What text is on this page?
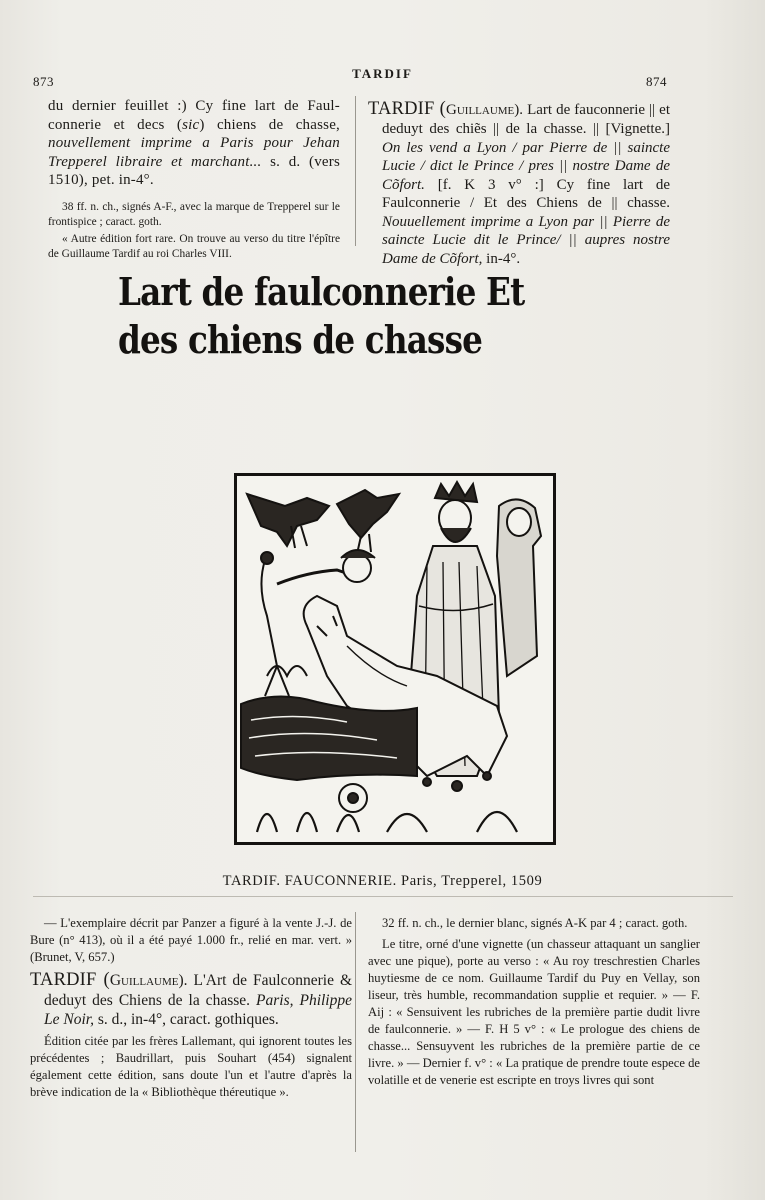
873
TARDIF
874

du dernier feuillet :) Cy fine lart de Faul- connerie et decs (sic) chiens de chasse, nouvellement imprime a Paris pour Jehan Trepperel libraire et marchant... s. d. (vers 1510), pet. in-4°.

38 ff. n. ch., signés A-F., avec la marque de Trepperel sur le frontispice ; caract. goth.

« Autre édition fort rare. On trouve au verso du titre l'épître de Guillaume Tardif au roi Charles VIII.

TARDIF (Guillaume). Lart de fauconnerie || et deduyt des chiẽs || de la chasse. || [Vignette.] On les vend a Lyon / par Pierre de || saincte Lucie / dict le Prince / pres || nostre Dame de Cõfort. [f. K 3 v° :] Cy fine lart de Faulconnerie / Et des Chiens de || chasse. Nouuellement imprime a Lyon par || Pierre de saincte Lucie dit le Prince/ || aupres nostre Dame de Cõfort, in-4°.

Lart de faulconnerie Et
des chiens de chasse
TARDIF. FAUCONNERIE. Paris, Trepperel, 1509

— L'exemplaire décrit par Panzer a figuré à la vente J.-J. de Bure (n° 413), où il a été payé 1.000 fr., relié en mar. vert. » (Brunet, V, 657.)

TARDIF (Guillaume). L'Art de Faulconnerie & deduyt des Chiens de la chasse. Paris, Philippe Le Noir, s. d., in-4°, caract. gothiques.

Édition citée par les frères Lallemant, qui ignorent toutes les précédentes ; Baudrillart, puis Souhart (454) signalent également cette édition, sans doute l'un et l'autre d'après la brève indication de la « Bibliothèque théreutique ».

32 ff. n. ch., le dernier blanc, signés A-K par 4 ; caract. goth.

Le titre, orné d'une vignette (un chasseur attaquant un sanglier avec une pique), porte au verso : « Au roy treschrestien Charles huytiesme de ce nom. Guillaume Tardif du Puy en Vellay, son liseur, très humble, recommandation supplie et requier. » — F. Aij : « Sensuivent les rubriches de la première partie dudit livre de faulconnerie. » — F. H 5 v° : « Le prologue des chiens de chasse... Sensuyvent les rubriches de la première partie de ce livre. » — Dernier f. v° : « La pratique de prendre toute espece de volatille et de venerie est escripte en troys livres qui sont
